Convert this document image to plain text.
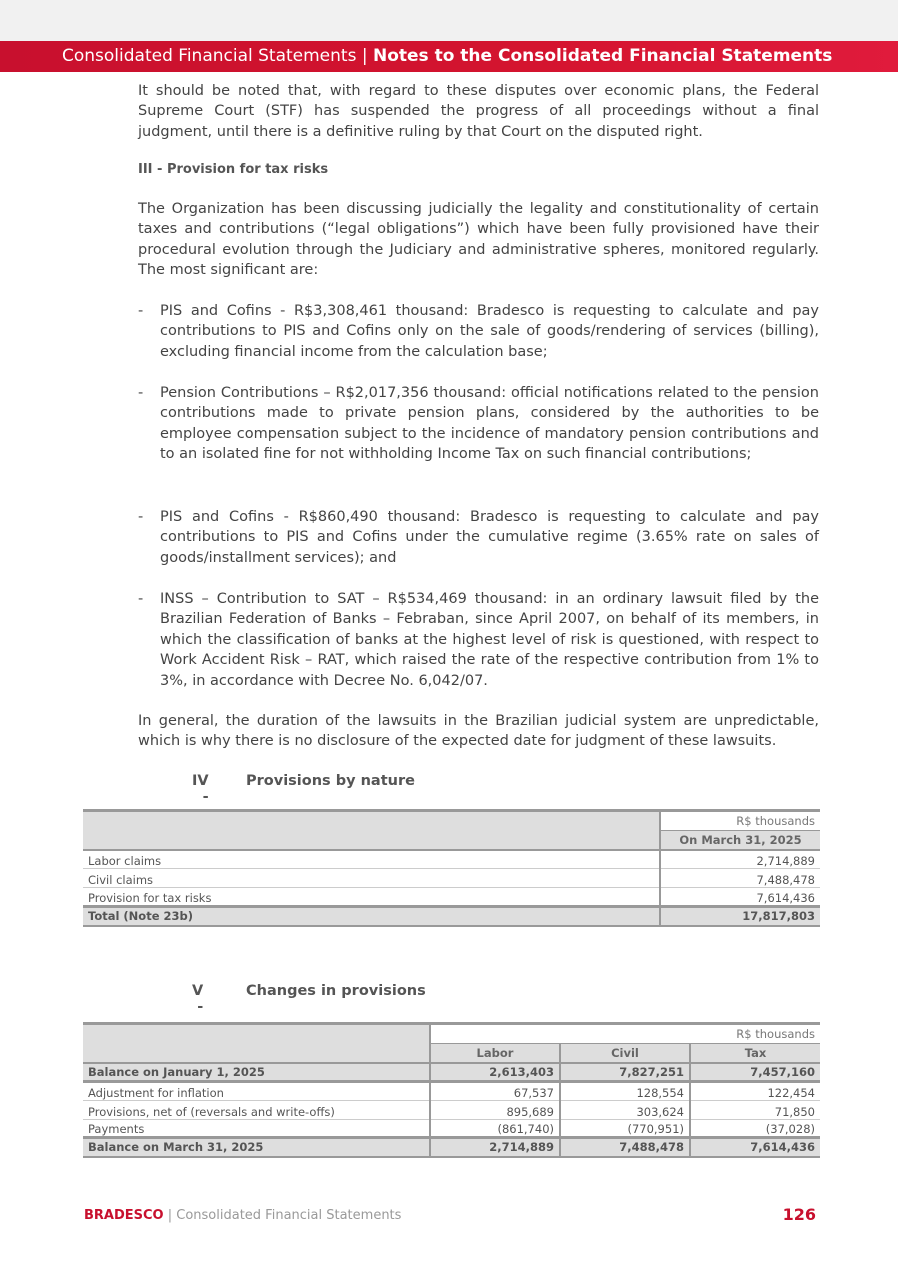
Consolidated Financial Statements | Notes to the Consolidated Financial Statements

It should be noted that, with regard to these disputes over economic plans, the Federal Supreme Court (STF) has suspended the progress of all proceedings without a final judgment, until there is a definitive ruling by that Court on the disputed right.

III - Provision for tax risks

The Organization has been discussing judicially the legality and constitutionality of certain taxes and contributions (“legal obligations”) which have been fully provisioned have their procedural evolution through the Judiciary and administrative spheres, monitored regularly. The most significant are:

- PIS and Cofins - R$3,308,461 thousand: Bradesco is requesting to calculate and pay contributions to PIS and Cofins only on the sale of goods/rendering of services (billing), excluding financial income from the calculation base;
- Pension Contributions – R$2,017,356 thousand: official notifications related to the pension contributions made to private pension plans, considered by the authorities to be employee compensation subject to the incidence of mandatory pension contributions and to an isolated fine for not withholding Income Tax on such financial contributions;
- PIS and Cofins - R$860,490 thousand: Bradesco is requesting to calculate and pay contributions to PIS and Cofins under the cumulative regime (3.65% rate on sales of goods/installment services); and
- INSS – Contribution to SAT – R$534,469 thousand: in an ordinary lawsuit filed by the Brazilian Federation of Banks – Febraban, since April 2007, on behalf of its members, in which the classification of banks at the highest level of risk is questioned, with respect to Work Accident Risk – RAT, which raised the rate of the respective contribution from 1% to 3%, in accordance with Decree No. 6,042/07.

In general, the duration of the lawsuits in the Brazilian judicial system are unpredictable, which is why there is no disclosure of the expected date for judgment of these lawsuits.

IV -
Provisions by nature
	R$ thousands
	On March 31, 2025
Labor claims	2,714,889
Civil claims	7,488,478
Provision for tax risks	7,614,436
Total (Note 23b)	17,817,803
V -
Changes in provisions
	R$ thousands		
	Labor	Civil	Tax
Balance on January 1, 2025	2,613,403	7,827,251	7,457,160
Adjustment for inflation	67,537	128,554	122,454
Provisions, net of (reversals and write-offs)	895,689	303,624	71,850
Payments	(861,740)	(770,951)	(37,028)
Balance on March 31, 2025	2,714,889	7,488,478	7,614,436
BRADESCO | Consolidated Financial Statements	126
